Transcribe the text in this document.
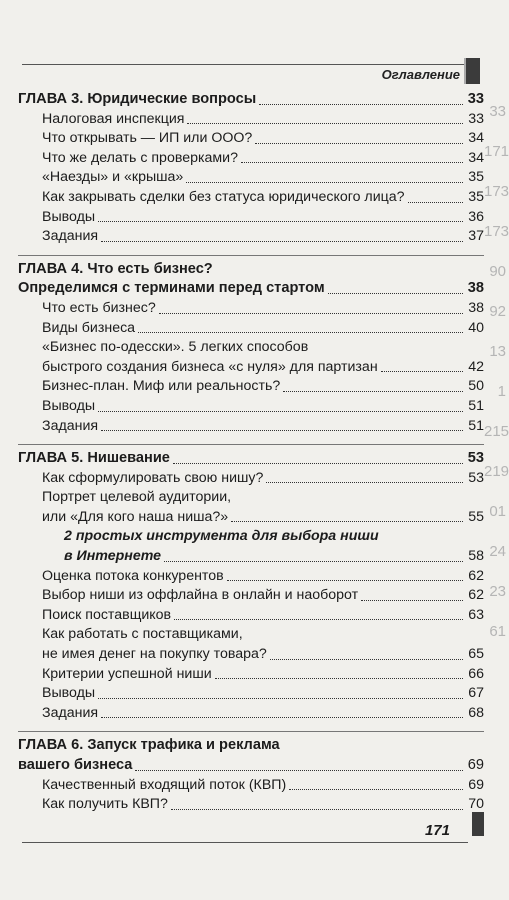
Оглавление
ГЛАВА 3. Юридические вопросы	33
Налоговая инспекция	33
Что открывать — ИП или ООО?	34
Что же делать с проверками?	34
«Наезды» и «крыша»	35
Как закрывать сделки без статуса юридического лица?	35
Выводы	36
Задания	37
ГЛАВА 4. Что есть бизнес?
Определимся с терминами перед стартом	38
Что есть бизнес?	38
Виды бизнеса	40
«Бизнес по-одесски». 5 легких способов
быстрого создания бизнеса «с нуля» для партизан	42
Бизнес-план. Миф или реальность?	50
Выводы	51
Задания	51
ГЛАВА 5. Нишевание	53
Как сформулировать свою нишу?	53
Портрет целевой аудитории,
или «Для кого наша ниша?»	55
2 простых инструмента для выбора ниши
в Интернете	58
Оценка потока конкурентов	62
Выбор ниши из оффлайна в онлайн и наоборот	62
Поиск поставщиков	63
Как работать с поставщиками,
не имея денег на покупку товара?	65
Критерии успешной ниши	66
Выводы	67
Задания	68
ГЛАВА 6. Запуск трафика и реклама
вашего бизнеса	69
Качественный входящий поток (КВП)	69
Как получить КВП?	70
171
33
171
173
173
90
92
13
1
215
219
01
24
23
61
